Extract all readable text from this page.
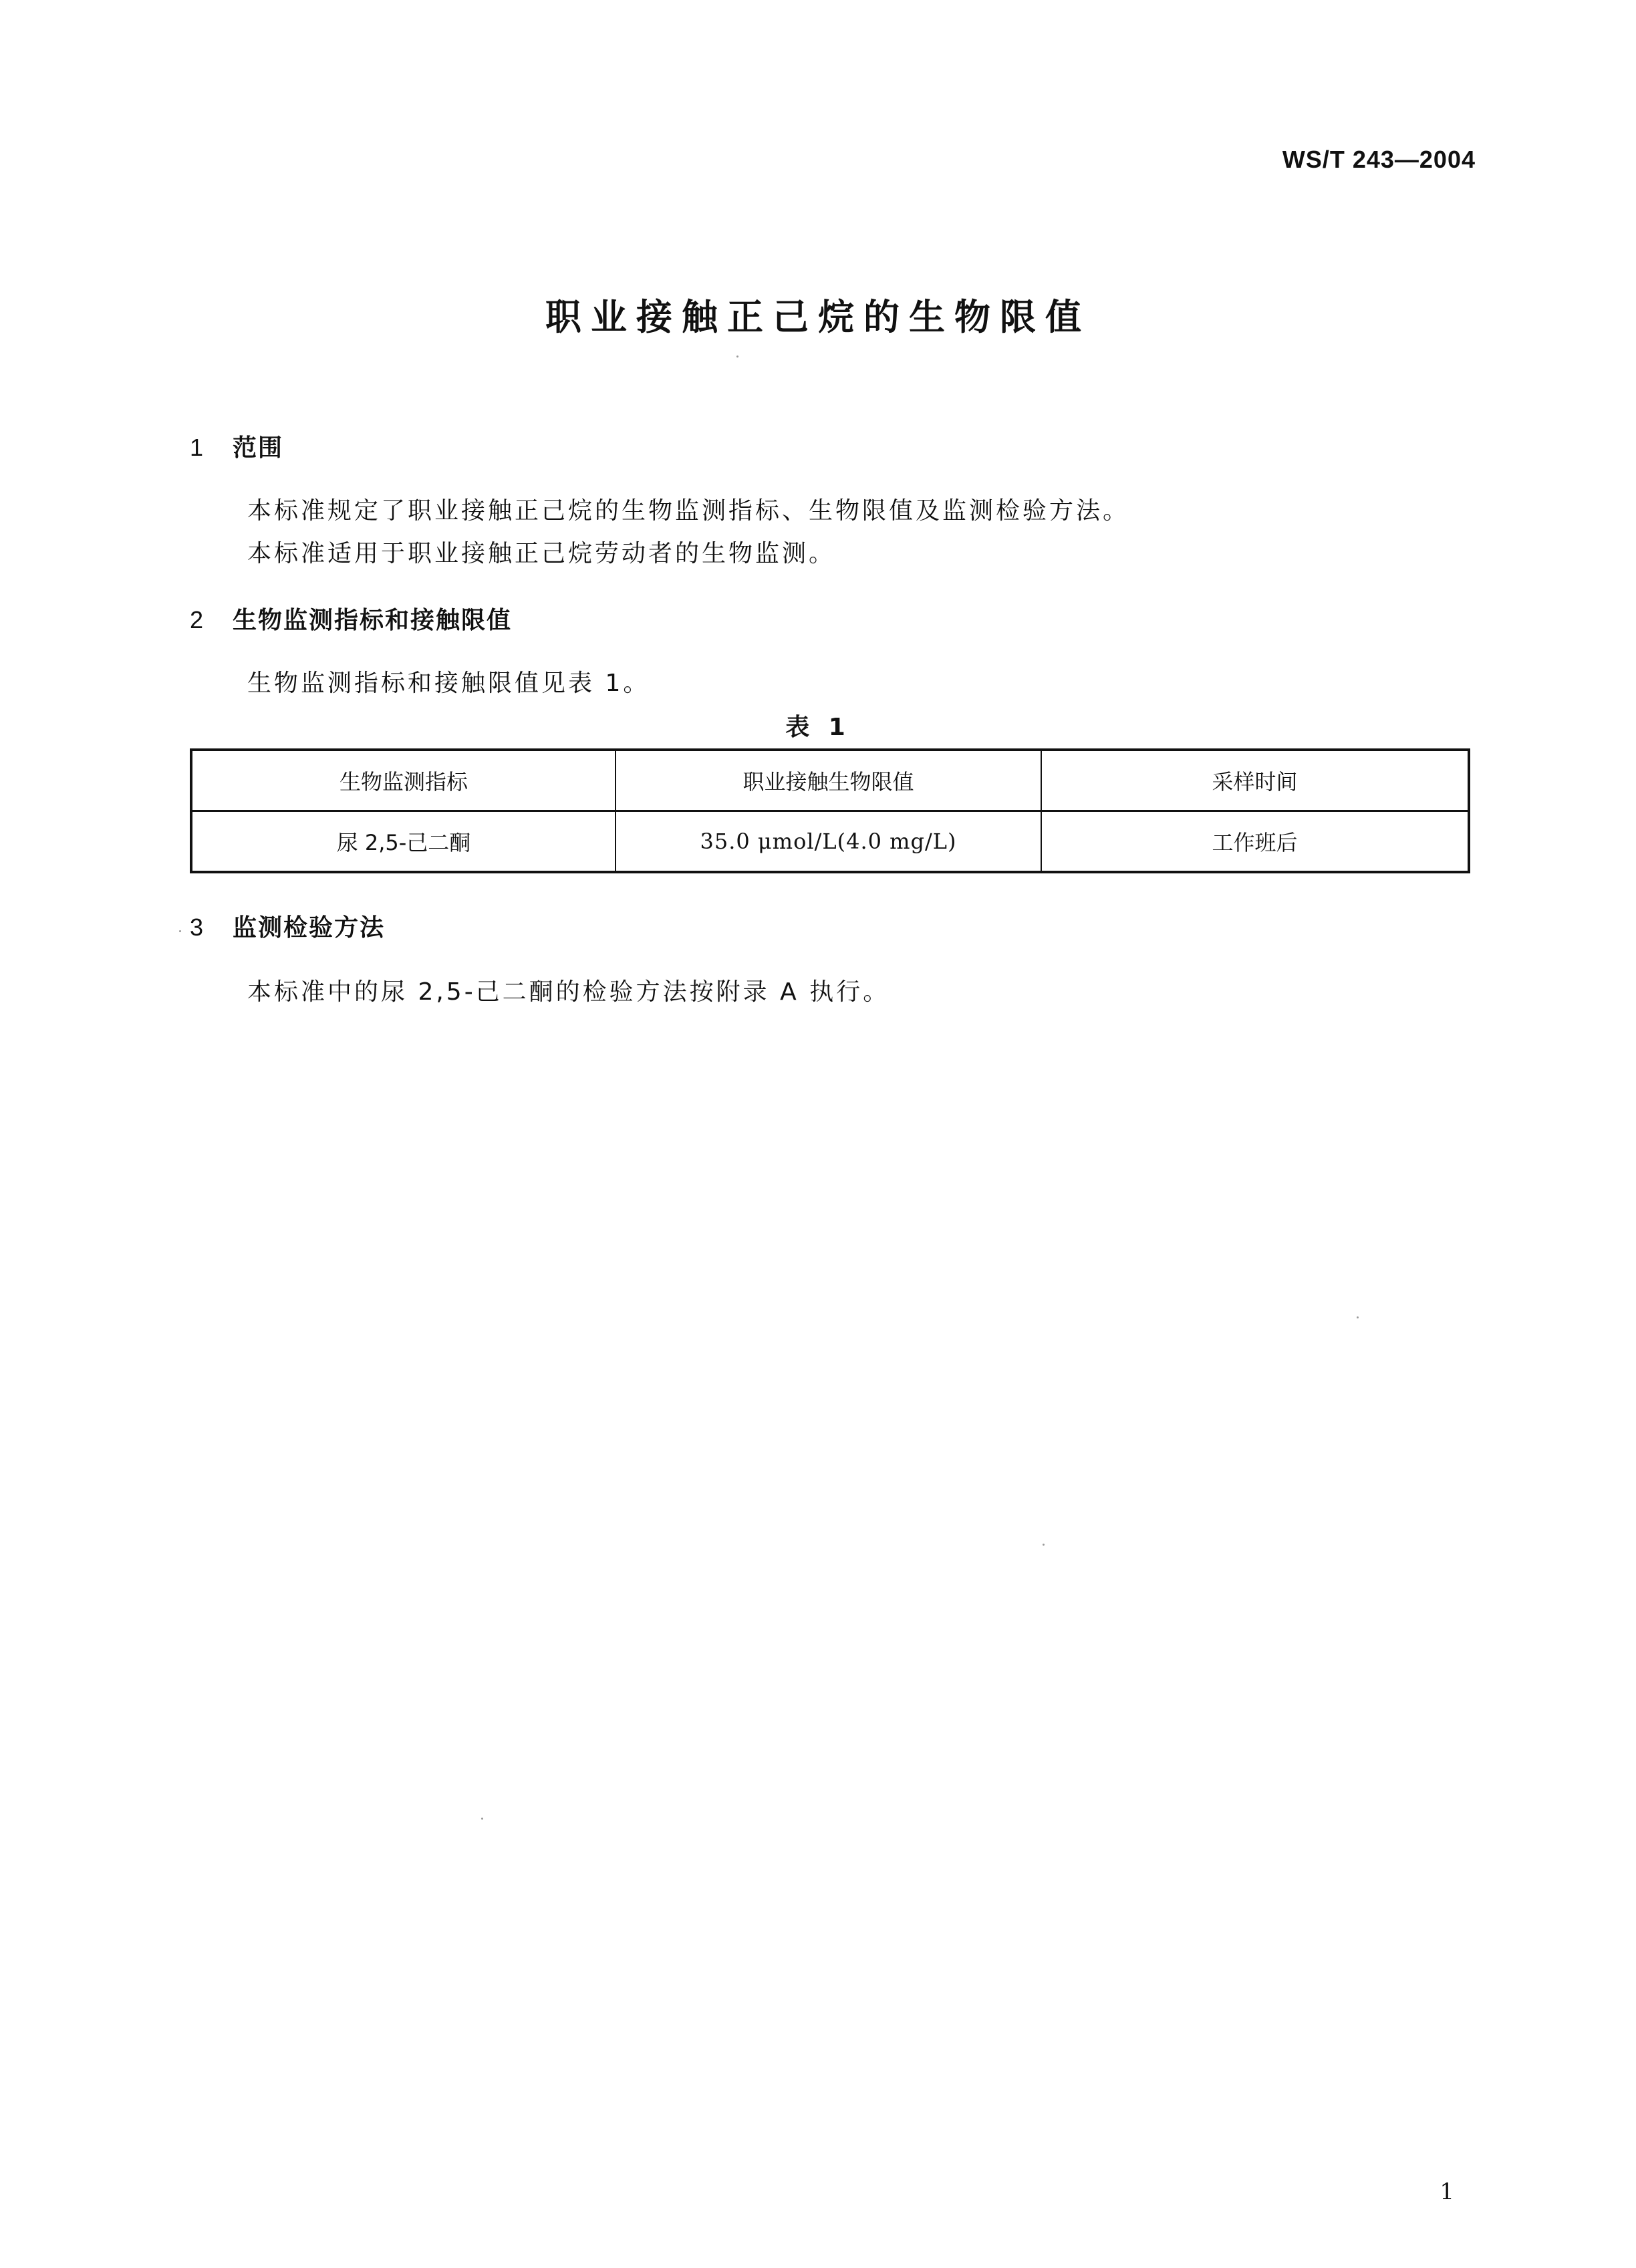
WS/T 243—2004
职业接触正己烷的生物限值
1 范围

本标准规定了职业接触正己烷的生物监测指标、生物限值及监测检验方法。

本标准适用于职业接触正己烷劳动者的生物监测。

2 生物监测指标和接触限值

生物监测指标和接触限值见表 1。

表 1
生物监测指标	职业接触生物限值	采样时间
尿 2,5-己二酮	35.0 μmol/L(4.0 mg/L)	工作班后
3 监测检验方法

本标准中的尿 2,5-己二酮的检验方法按附录 A 执行。

1
